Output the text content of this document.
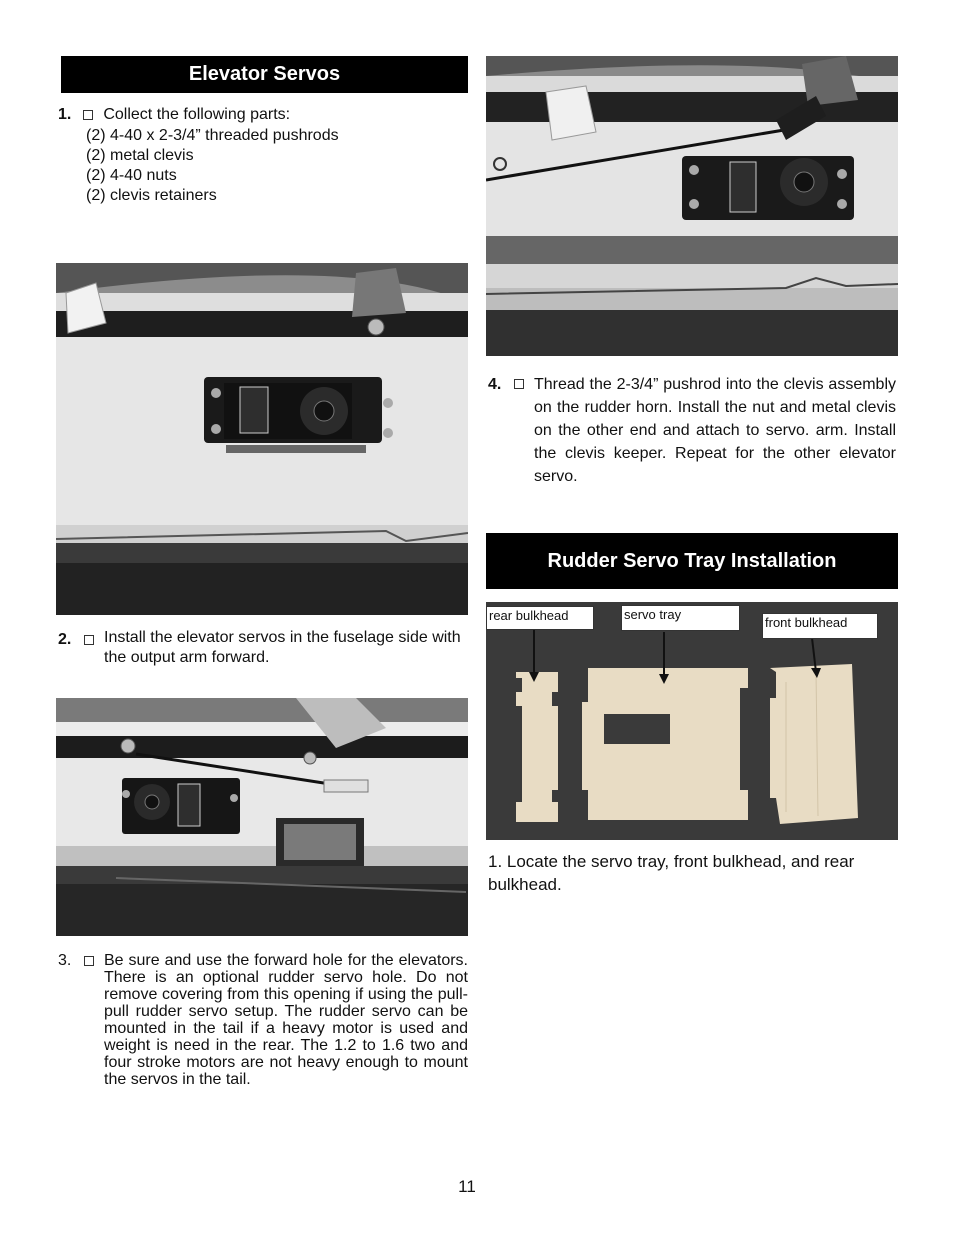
Elevator Servos
1. Collect the following parts:
(2) 4-40 x 2-3/4” threaded pushrods
(2) metal clevis
(2) 4-40 nuts
(2) clevis retainers
2. Install the elevator servos in the fuselage side with the output arm forward.
3. Be sure and use the forward hole for the elevators. There is an optional rudder servo hole. Do not remove covering from this opening if using the pull-pull rudder servo setup. The rudder servo can be mounted in the tail if a heavy motor is used and weight is need in the rear. The 1.2 to 1.6 two and four stroke motors are not heavy enough to mount the servos in the tail.
4. Thread the 2-3/4” pushrod into the clevis assembly on the rudder horn. Install the nut and metal clevis on the other end and attach to servo. arm. Install the clevis keeper. Repeat for the other elevator servo.
Rudder Servo Tray Installation
rear bulkhead	servo tray
front bulkhead
1. Locate the servo tray, front bulkhead, and rear bulkhead.
11
